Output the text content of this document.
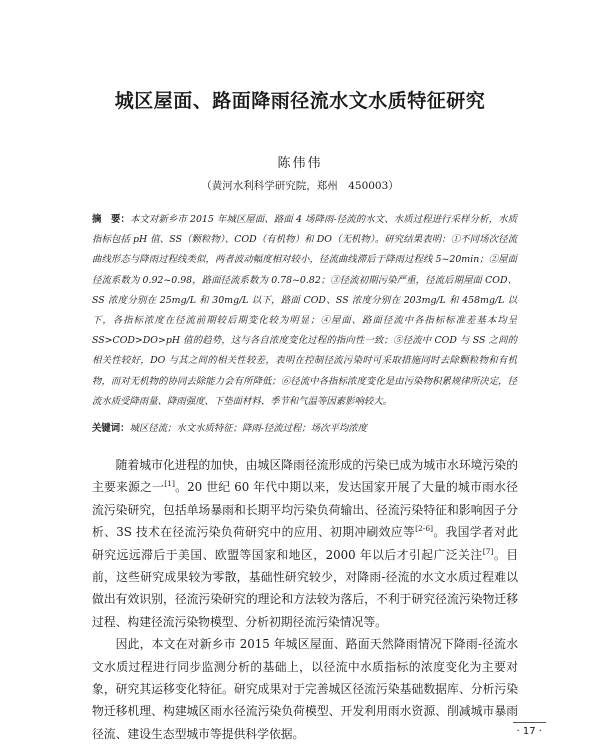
城区屋面、路面降雨径流水文水质特征研究
陈伟伟
（黄河水利科学研究院，郑州　450003）
摘　要：本文对新乡市 2015 年城区屋面、路面 4 场降雨-径流的水文、水质过程进行采样分析，水质指标包括 pH 值、SS（颗粒物）、COD（有机物）和 DO（无机物）。研究结果表明：①不同场次径流曲线形态与降雨过程线类似，两者波动幅度相对较小，径流曲线滞后于降雨过程线 5~20min；②屋面径流系数为 0.92~0.98，路面径流系数为 0.78~0.82；③径流初期污染严重，径流后期屋面 COD、SS 浓度分别在 25mg/L 和 30mg/L 以下，路面 COD、SS 浓度分别在 203mg/L 和 458mg/L 以下，各指标浓度在径流前期较后期变化较为明显；④屋面、路面径流中各指标标准差基本均呈 SS>COD>DO>pH 值的趋势，这与各自浓度变化过程的指向性一致；⑤径流中 COD 与 SS 之间的相关性较好，DO 与其之间的相关性较差，表明在控制径流污染时可采取措施同时去除颗粒物和有机物，而对无机物的协同去除能力会有所降低；⑥径流中各指标浓度变化是由污染物积累规律所决定，径流水质受降雨量、降雨强度、下垫面材料、季节和气温等因素影响较大。
关键词：城区径流；水文水质特征；降雨-径流过程；场次平均浓度

随着城市化进程的加快，由城区降雨径流形成的污染已成为城市水环境污染的主要来源之一[1]。20 世纪 60 年代中期以来，发达国家开展了大量的城市雨水径流污染研究，包括单场暴雨和长期平均污染负荷输出、径流污染特征和影响因子分析、3S 技术在径流污染负荷研究中的应用、初期冲刷效应等[2-6]。我国学者对此研究远远滞后于美国、欧盟等国家和地区，2000 年以后才引起广泛关注[7]。目前，这些研究成果较为零散，基础性研究较少，对降雨-径流的水文水质过程难以做出有效识别，径流污染研究的理论和方法较为落后，不利于研究径流污染物迁移过程、构建径流污染物模型、分析初期径流污染情况等。

因此，本文在对新乡市 2015 年城区屋面、路面天然降雨情况下降雨-径流水文水质过程进行同步监测分析的基础上，以径流中水质指标的浓度变化为主要对象，研究其运移变化特征。研究成果对于完善城区径流污染基础数据库、分析污染物迁移机理、构建城区雨水径流污染负荷模型、开发利用雨水资源、削减城市暴雨径流、建设生态型城市等提供科学依据。	· 17 ·
